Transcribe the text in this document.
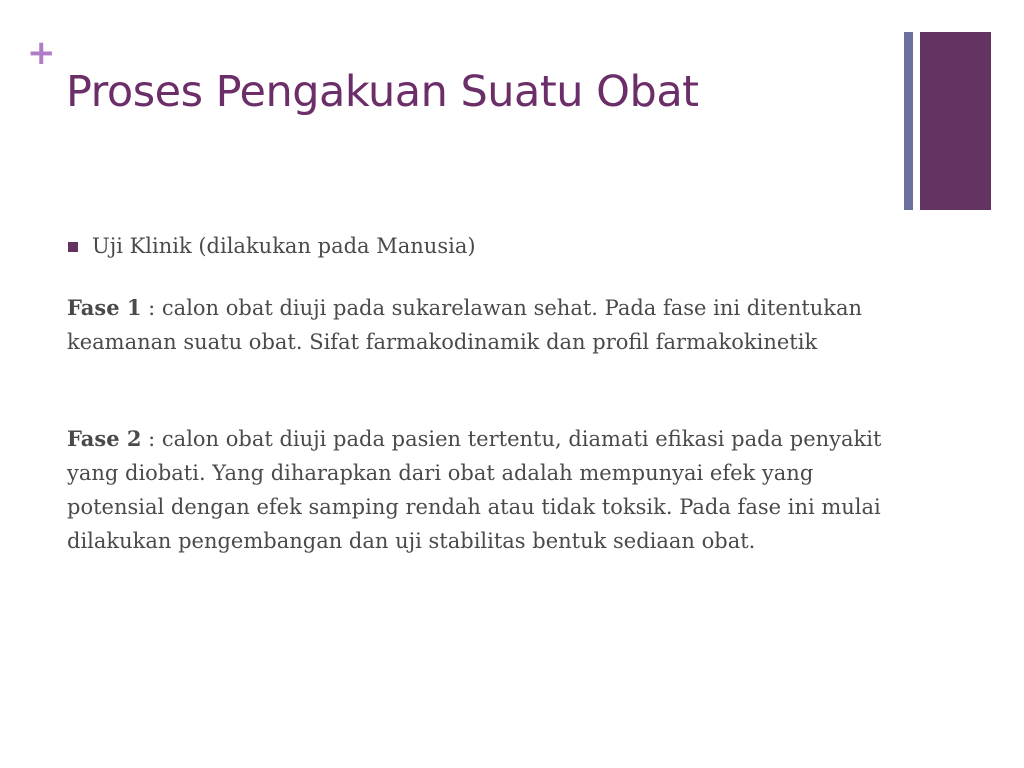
+
Proses Pengakuan Suatu Obat
Uji Klinik (dilakukan pada Manusia)

Fase 1 : calon obat diuji pada sukarelawan sehat. Pada fase ini ditentukan keamanan suatu obat. Sifat farmakodinamik dan profil farmakokinetik

Fase 2 : calon obat diuji pada pasien tertentu, diamati efikasi pada penyakit yang diobati. Yang diharapkan dari obat adalah mempunyai efek yang potensial dengan efek samping rendah atau tidak toksik. Pada fase ini mulai dilakukan pengembangan dan uji stabilitas bentuk sediaan obat.
